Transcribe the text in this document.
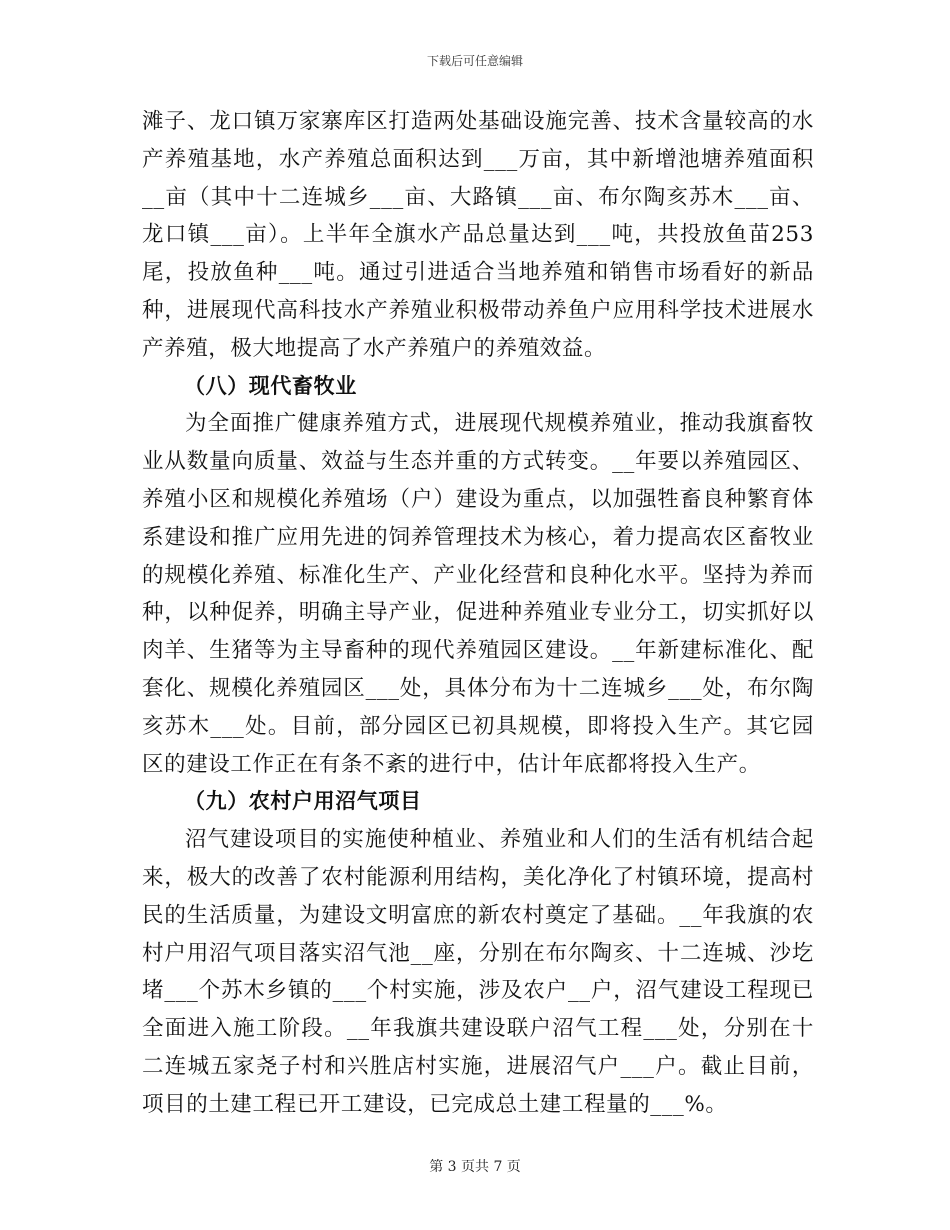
下载后可任意编辑

滩子、龙口镇万家寨库区打造两处基础设施完善、技术含量较高的水产养殖基地，水产养殖总面积达到___万亩，其中新增池塘养殖面积__亩（其中十二连城乡___亩、大路镇___亩、布尔陶亥苏木___亩、龙口镇___亩）。上半年全旗水产品总量达到___吨，共投放鱼苗253尾，投放鱼种___吨。通过引进适合当地养殖和销售市场看好的新品种，进展现代高科技水产养殖业积极带动养鱼户应用科学技术进展水产养殖，极大地提高了水产养殖户的养殖效益。

（八）现代畜牧业

为全面推广健康养殖方式，进展现代规模养殖业，推动我旗畜牧业从数量向质量、效益与生态并重的方式转变。__年要以养殖园区、养殖小区和规模化养殖场（户）建设为重点，以加强牲畜良种繁育体系建设和推广应用先进的饲养管理技术为核心，着力提高农区畜牧业的规模化养殖、标准化生产、产业化经营和良种化水平。坚持为养而种，以种促养，明确主导产业，促进种养殖业专业分工，切实抓好以肉羊、生猪等为主导畜种的现代养殖园区建设。__年新建标准化、配套化、规模化养殖园区___处，具体分布为十二连城乡___处，布尔陶亥苏木___处。目前，部分园区已初具规模，即将投入生产。其它园区的建设工作正在有条不紊的进行中，估计年底都将投入生产。

（九）农村户用沼气项目

沼气建设项目的实施使种植业、养殖业和人们的生活有机结合起来，极大的改善了农村能源利用结构，美化净化了村镇环境，提高村民的生活质量，为建设文明富庶的新农村奠定了基础。__年我旗的农村户用沼气项目落实沼气池__座，分别在布尔陶亥、十二连城、沙圪堵___个苏木乡镇的___个村实施，涉及农户__户，沼气建设工程现已全面进入施工阶段。__年我旗共建设联户沼气工程___处，分别在十二连城五家尧子村和兴胜店村实施，进展沼气户___户。截止目前，项目的土建工程已开工建设，已完成总土建工程量的___%。

第 3 页共 7 页
